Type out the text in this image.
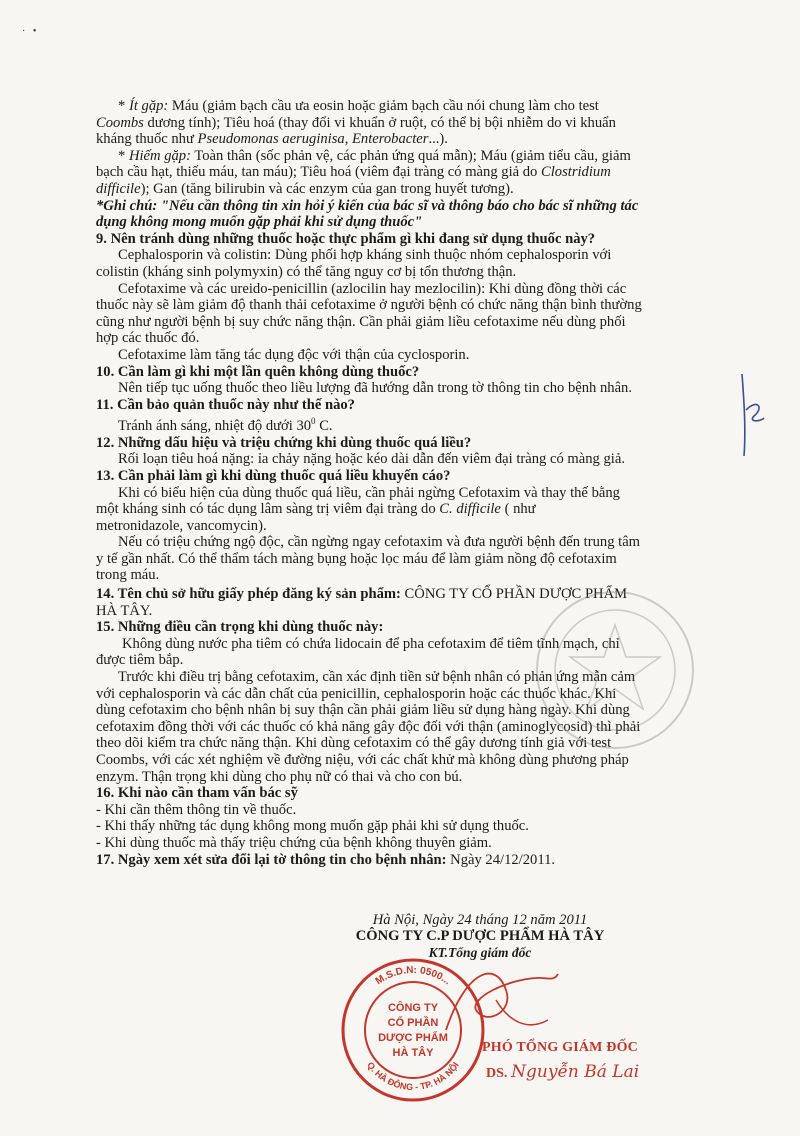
·   •

* Ít gặp: Máu (giảm bạch cầu ưa eosin hoặc giảm bạch cầu nói chung làm cho test

Coombs dương tính); Tiêu hoá (thay đổi vi khuẩn ở ruột, có thể bị bội nhiễm do vi khuẩn

kháng thuốc như Pseudomonas aeruginisa, Enterobacter...).

* Hiếm gặp: Toàn thân (sốc phản vệ, các phản ứng quá mẫn); Máu (giảm tiểu cầu, giảm

bạch cầu hạt, thiếu máu, tan máu); Tiêu hoá (viêm đại tràng có màng giả do Clostridium

difficile); Gan (tăng bilirubin và các enzym của gan trong huyết tương).

*Ghi chú: "Nếu cần thông tin xin hỏi ý kiến của bác sĩ và thông báo cho bác sĩ những tác

dụng không mong muốn gặp phải khi sử dụng thuốc"

9. Nên tránh dùng những thuốc hoặc thực phẩm gì khi đang sử dụng thuốc này?

Cephalosporin và colistin: Dùng phối hợp kháng sinh thuộc nhóm cephalosporin với

colistin (kháng sinh polymyxin) có thể tăng nguy cơ bị tổn thương thận.

Cefotaxime và các ureido-penicillin (azlocilin hay mezlocilin): Khi dùng đồng thời các

thuốc này sẽ làm giảm độ thanh thải cefotaxime ở người bệnh có chức năng thận bình thường

cũng như người bệnh bị suy chức năng thận. Cần phải giảm liều cefotaxime nếu dùng phối

hợp các thuốc đó.

Cefotaxime làm tăng tác dụng độc với thận của cyclosporin.

10. Cần làm gì khi một lần quên không dùng thuốc?

Nên tiếp tục uống thuốc theo liều lượng đã hướng dẫn trong tờ thông tin cho bệnh nhân.

11. Cần bảo quản thuốc này như thế nào?

Tránh ánh sáng, nhiệt độ dưới $30^0$ C.

12. Những dấu hiệu và triệu chứng khi dùng thuốc quá liều?

Rối loạn tiêu hoá nặng: ỉa chảy nặng hoặc kéo dài dẫn đến viêm đại tràng có màng giả.

13. Cần phải làm gì khi dùng thuốc quá liều khuyến cáo?

Khi có biểu hiện của dùng thuốc quá liều, cần phải ngừng Cefotaxim và thay thế bằng

một kháng sinh có tác dụng lâm sàng trị viêm đại tràng do C. difficile ( như

metronidazole, vancomycin).

Nếu có triệu chứng ngộ độc, cần ngừng ngay cefotaxim và đưa người bệnh đến trung tâm

y tế gần nhất. Có thể thẩm tách màng bụng hoặc lọc máu để làm giảm nồng độ cefotaxim

trong máu.

14. Tên chủ sở hữu giấy phép đăng ký sản phẩm: CÔNG TY CỔ PHẦN DƯỢC PHẨM

HÀ TÂY.

15. Những điều cần trọng khi dùng thuốc này:

Không dùng nước pha tiêm có chứa lidocain để pha cefotaxim để tiêm tĩnh mạch, chỉ

được tiêm bắp.

Trước khi điều trị bằng cefotaxim, cần xác định tiền sử bệnh nhân có phản ứng mẫn cảm

với cephalosporin và các dẫn chất của penicillin, cephalosporin hoặc các thuốc khác. Khi

dùng cefotaxim cho bệnh nhân bị suy thận cần phải giảm liều sử dụng hàng ngày. Khi dùng

cefotaxim đồng thời với các thuốc có khả năng gây độc đối với thận (aminoglycosid) thì phải

theo dõi kiểm tra chức năng thận. Khi dùng cefotaxim có thể gây dương tính giả với test

Coombs, với các xét nghiệm về đường niệu, với các chất khử mà không dùng phương pháp

enzym. Thận trọng khi dùng cho phụ nữ có thai và cho con bú.

16. Khi nào cần tham vấn bác sỹ

- Khi cần thêm thông tin về thuốc.

- Khi thấy những tác dụng không mong muốn gặp phải khi sử dụng thuốc.

- Khi dùng thuốc mà thấy triệu chứng của bệnh không thuyên giảm.

17. Ngày xem xét sửa đổi lại tờ thông tin cho bệnh nhân: Ngày 24/12/2011.

Hà Nội, Ngày 24 tháng 12 năm 2011
CÔNG TY C.P DƯỢC PHẨM HÀ TÂY
KT.Tổng giám đốc
M.S.D.N: 0500...
Q. HÀ ĐÔNG - TP. HÀ NỘI
CÔNG TY
CỔ PHẦN
DƯỢC PHẨM
HÀ TÂY	PHÓ TỔNG GIÁM ĐỐC
DS. Nguyễn Bá Lai
